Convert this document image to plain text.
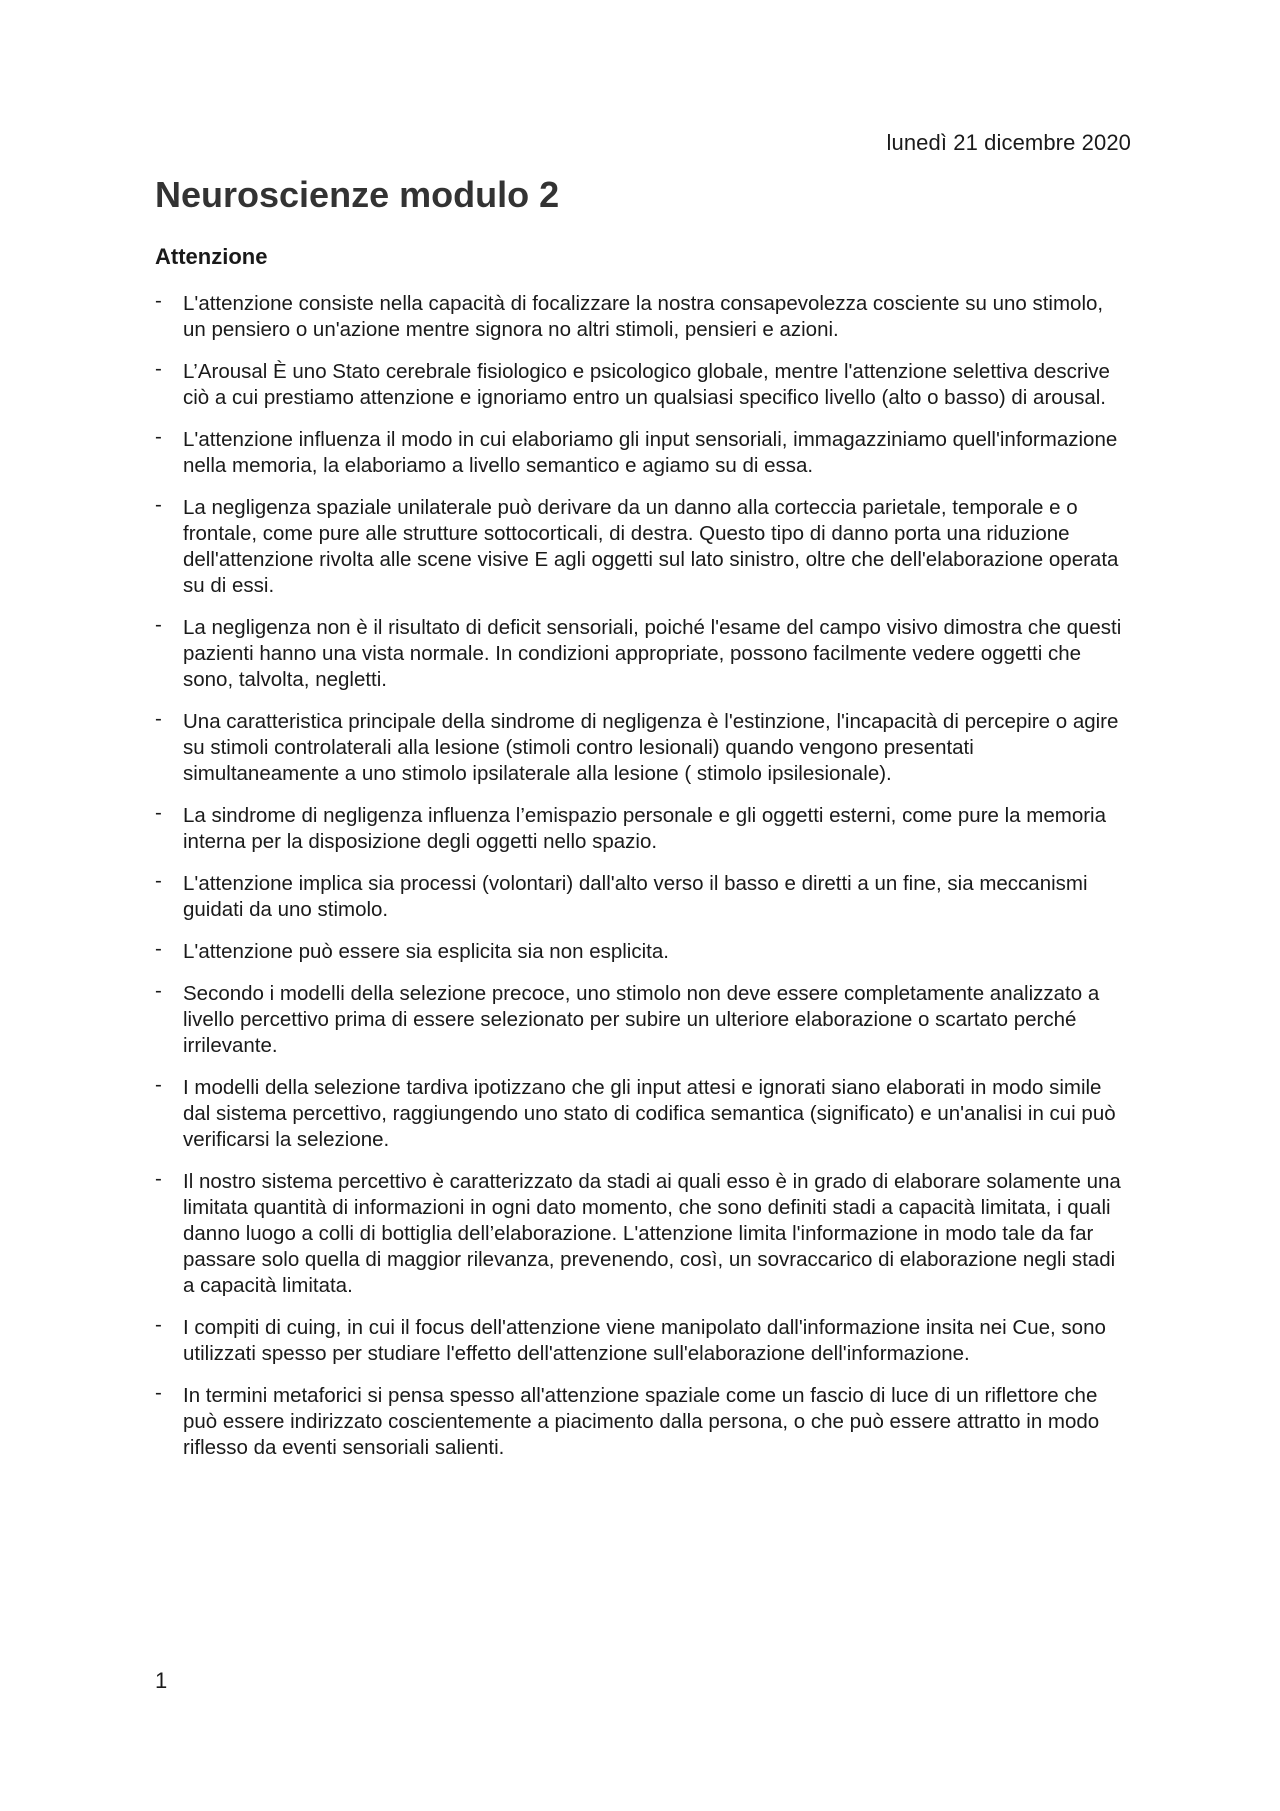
lunedì 21 dicembre 2020
Neuroscienze modulo 2
Attenzione
- L'attenzione consiste nella capacità di focalizzare la nostra consapevolezza cosciente su uno stimolo, un pensiero o un'azione mentre signora no altri stimoli, pensieri e azioni.
- L’Arousal È uno Stato cerebrale fisiologico e psicologico globale, mentre l'attenzione selettiva descrive ciò a cui prestiamo attenzione e ignoriamo entro un qualsiasi specifico livello (alto o basso) di arousal.
- L'attenzione influenza il modo in cui elaboriamo gli input sensoriali, immagazziniamo quell'informazione nella memoria, la elaboriamo a livello semantico e agiamo su di essa.
- La negligenza spaziale unilaterale può derivare da un danno alla corteccia parietale, temporale e o frontale, come pure alle strutture sottocorticali, di destra. Questo tipo di danno porta una riduzione dell'attenzione rivolta alle scene visive E agli oggetti sul lato sinistro, oltre che dell'elaborazione operata su di essi.
- La negligenza non è il risultato di deficit sensoriali, poiché l'esame del campo visivo dimostra che questi pazienti hanno una vista normale. In condizioni appropriate, possono facilmente vedere oggetti che sono, talvolta, negletti.
- Una caratteristica principale della sindrome di negligenza è l'estinzione, l'incapacità di percepire o agire su stimoli controlaterali alla lesione (stimoli contro lesionali) quando vengono presentati simultaneamente a uno stimolo ipsilaterale alla lesione ( stimolo ipsilesionale).
- La sindrome di negligenza influenza l’emispazio personale e gli oggetti esterni, come pure la memoria interna per la disposizione degli oggetti nello spazio.
- L'attenzione implica sia processi (volontari) dall'alto verso il basso e diretti a un fine, sia meccanismi guidati da uno stimolo.
- L'attenzione può essere sia esplicita sia non esplicita.
- Secondo i modelli della selezione precoce, uno stimolo non deve essere completamente analizzato a livello percettivo prima di essere selezionato per subire un ulteriore elaborazione o scartato perché irrilevante.
- I modelli della selezione tardiva ipotizzano che gli input attesi e ignorati siano elaborati in modo simile dal sistema percettivo, raggiungendo uno stato di codifica semantica (significato) e un'analisi in cui può verificarsi la selezione.
- Il nostro sistema percettivo è caratterizzato da stadi ai quali esso è in grado di elaborare solamente una limitata quantità di informazioni in ogni dato momento, che sono definiti stadi a capacità limitata, i quali danno luogo a colli di bottiglia dell’elaborazione. L'attenzione limita l'informazione in modo tale da far passare solo quella di maggior rilevanza, prevenendo, così, un sovraccarico di elaborazione negli stadi a capacità limitata.
- I compiti di cuing, in cui il focus dell'attenzione viene manipolato dall'informazione insita nei Cue, sono utilizzati spesso per studiare l'effetto dell'attenzione sull'elaborazione dell'informazione.
- In termini metaforici si pensa spesso all'attenzione spaziale come un fascio di luce di un riflettore che può essere indirizzato coscientemente a piacimento dalla persona, o che può essere attratto in modo riflesso da eventi sensoriali salienti.
1
